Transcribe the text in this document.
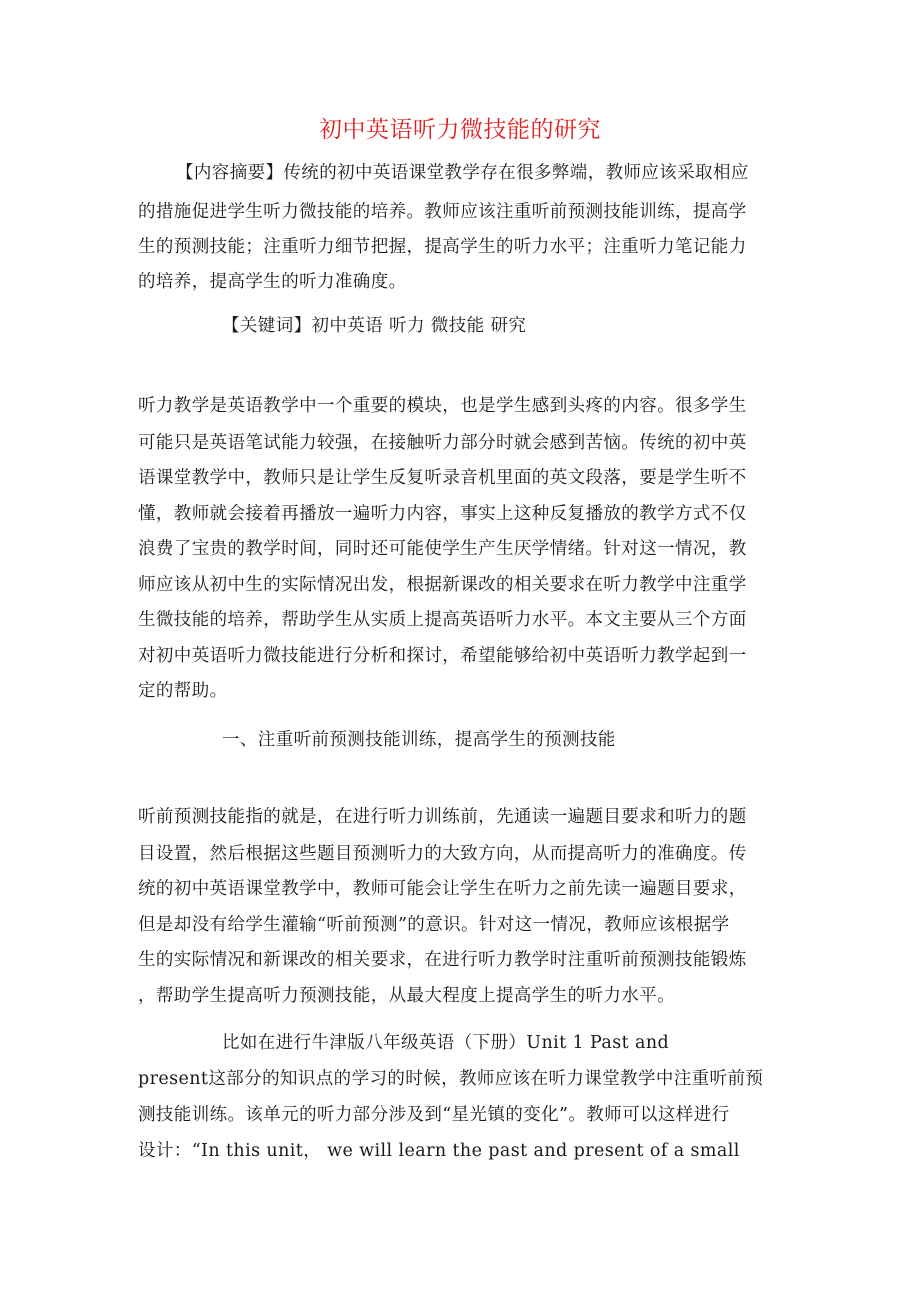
初中英语听力微技能的研究
【内容摘要】传统的初中英语课堂教学存在很多弊端，教师应该采取相应
的措施促进学生听力微技能的培养。教师应该注重听前预测技能训练，提高学
生的预测技能；注重听力细节把握，提高学生的听力水平；注重听力笔记能力
的培养，提高学生的听力准确度。
【关键词】初中英语 听力 微技能 研究
听力教学是英语教学中一个重要的模块，也是学生感到头疼的内容。很多学生
可能只是英语笔试能力较强，在接触听力部分时就会感到苦恼。传统的初中英
语课堂教学中，教师只是让学生反复听录音机里面的英文段落，要是学生听不
懂，教师就会接着再播放一遍听力内容，事实上这种反复播放的教学方式不仅
浪费了宝贵的教学时间，同时还可能使学生产生厌学情绪。针对这一情况，教
师应该从初中生的实际情况出发，根据新课改的相关要求在听力教学中注重学
生微技能的培养，帮助学生从实质上提高英语听力水平。本文主要从三个方面
对初中英语听力微技能进行分析和探讨，希望能够给初中英语听力教学起到一
定的帮助。
一、注重听前预测技能训练，提高学生的预测技能
听前预测技能指的就是，在进行听力训练前，先通读一遍题目要求和听力的题
目设置，然后根据这些题目预测听力的大致方向，从而提高听力的准确度。传
统的初中英语课堂教学中，教师可能会让学生在听力之前先读一遍题目要求，
但是却没有给学生灌输“听前预测”的意识。针对这一情况，教师应该根据学
生的实际情况和新课改的相关要求，在进行听力教学时注重听前预测技能锻炼
，帮助学生提高听力预测技能，从最大程度上提高学生的听力水平。
比如在进行牛津版八年级英语（下册）Unit 1 Past and
present这部分的知识点的学习的时候，教师应该在听力课堂教学中注重听前预
测技能训练。该单元的听力部分涉及到“星光镇的变化”。教师可以这样进行
设计：“In this unit， we will learn the past and present of a small
